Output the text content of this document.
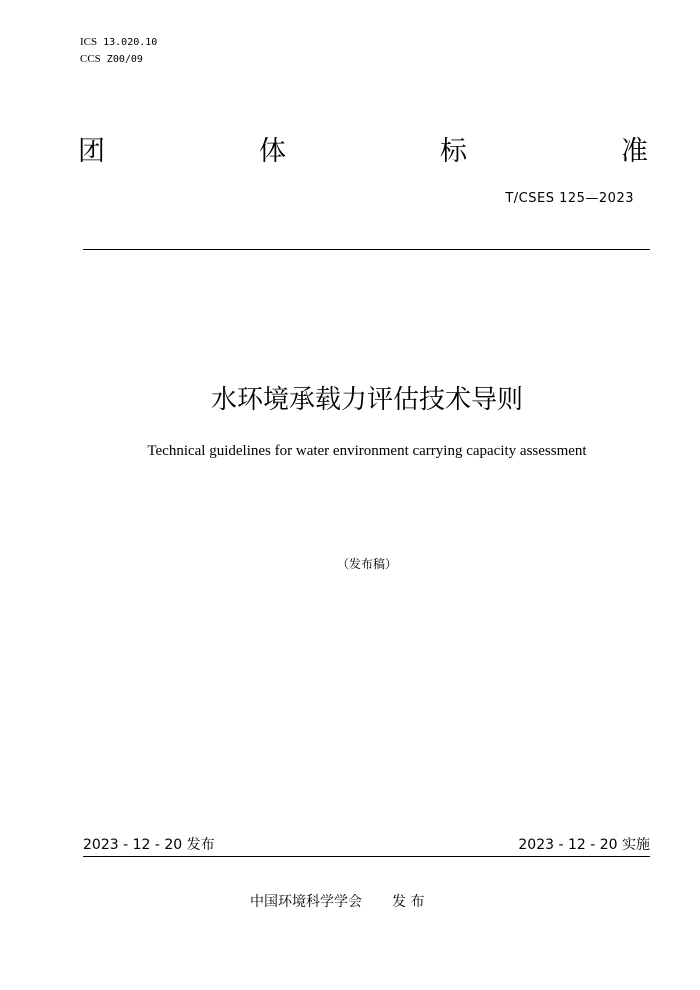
ICS 13.020.10
CCS Z00/09
团	体	标	准
T/CSES 125—2023
水环境承载力评估技术导则
Technical guidelines for water environment carrying capacity assessment
（发布稿）
2023 - 12 - 20 发布	2023 - 12 - 20 实施
中国环境科学学会 发 布
